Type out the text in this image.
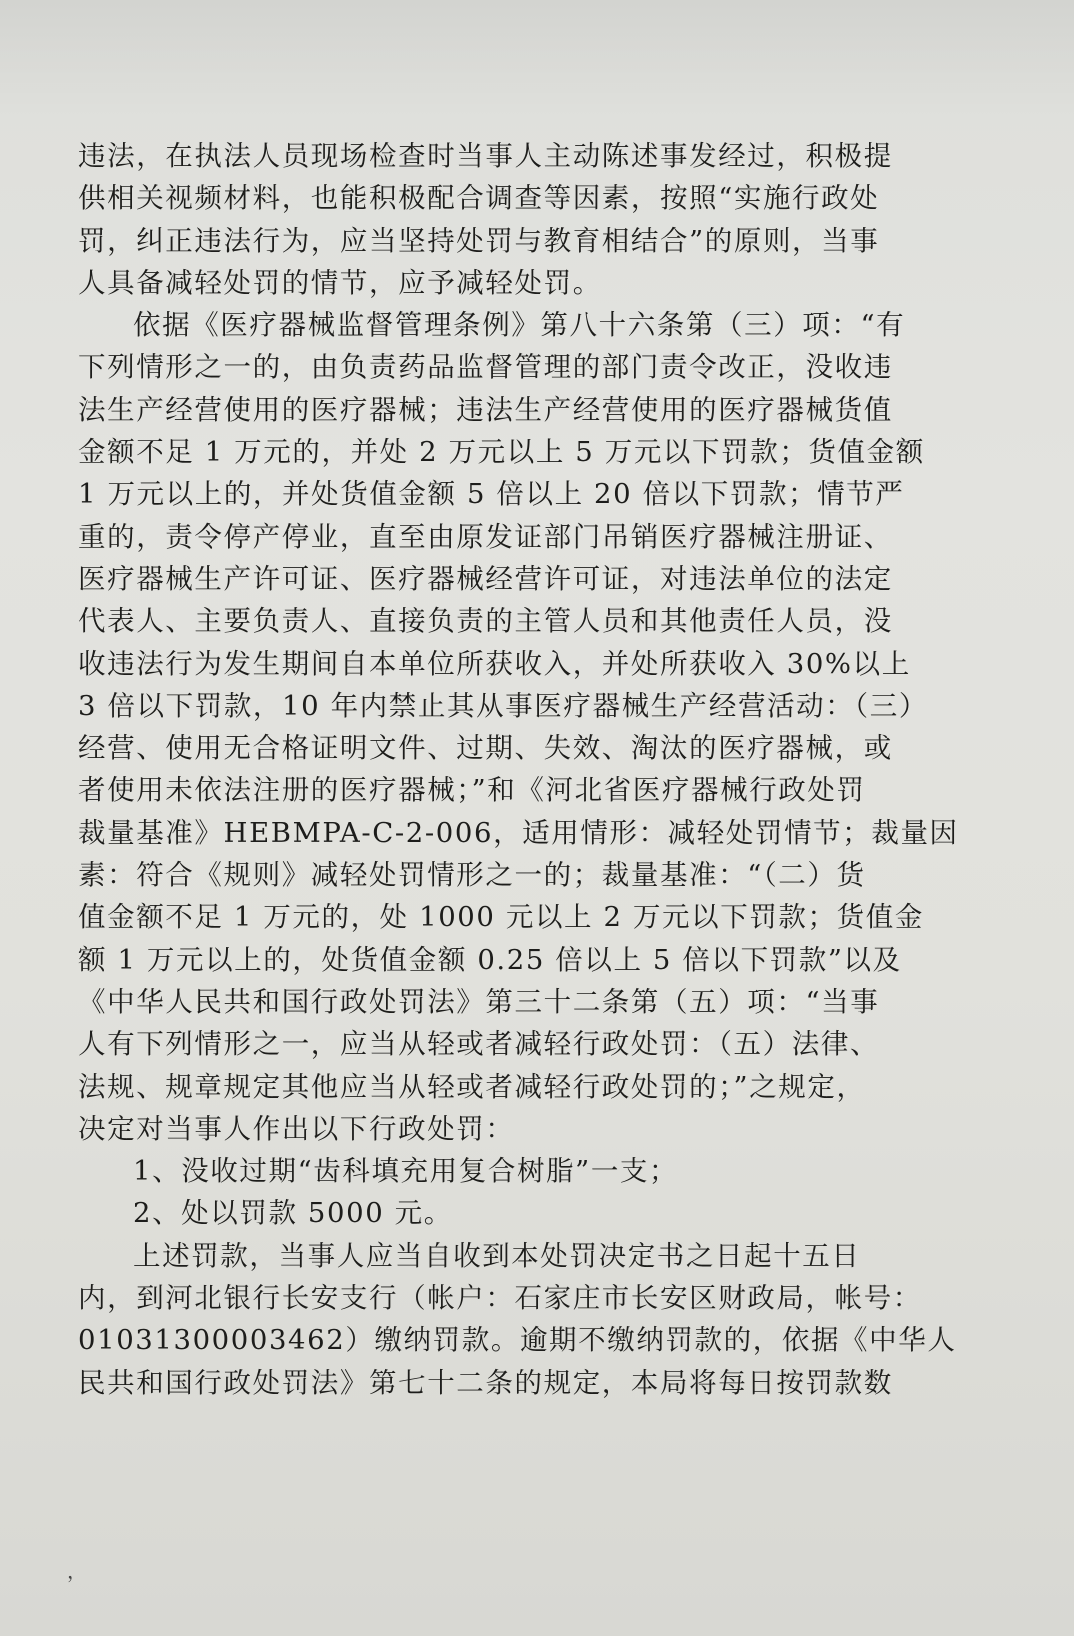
违法，在执法人员现场检查时当事人主动陈述事发经过，积极提
供相关视频材料，也能积极配合调查等因素，按照“实施行政处
罚，纠正违法行为，应当坚持处罚与教育相结合”的原则，当事
人具备减轻处罚的情节，应予减轻处罚。
依据《医疗器械监督管理条例》第八十六条第（三）项：“有
下列情形之一的，由负责药品监督管理的部门责令改正，没收违
法生产经营使用的医疗器械；违法生产经营使用的医疗器械货值
金额不足 1 万元的，并处 2 万元以上 5 万元以下罚款；货值金额
1 万元以上的，并处货值金额 5 倍以上 20 倍以下罚款；情节严
重的，责令停产停业，直至由原发证部门吊销医疗器械注册证、
医疗器械生产许可证、医疗器械经营许可证，对违法单位的法定
代表人、主要负责人、直接负责的主管人员和其他责任人员，没
收违法行为发生期间自本单位所获收入，并处所获收入 30%以上
3 倍以下罚款，10 年内禁止其从事医疗器械生产经营活动：（三）
经营、使用无合格证明文件、过期、失效、淘汰的医疗器械，或
者使用未依法注册的医疗器械；”和《河北省医疗器械行政处罚
裁量基准》HEBMPA-C-2-006，适用情形：减轻处罚情节；裁量因
素：符合《规则》减轻处罚情形之一的；裁量基准：“（二）货
值金额不足 1 万元的，处 1000 元以上 2 万元以下罚款；货值金
额 1 万元以上的，处货值金额 0.25 倍以上 5 倍以下罚款”以及
《中华人民共和国行政处罚法》第三十二条第（五）项：“当事
人有下列情形之一，应当从轻或者减轻行政处罚：（五）法律、
法规、规章规定其他应当从轻或者减轻行政处罚的；”之规定，
决定对当事人作出以下行政处罚：
1、没收过期“齿科填充用复合树脂”一支；
2、处以罚款 5000 元。
上述罚款，当事人应当自收到本处罚决定书之日起十五日
内，到河北银行长安支行（帐户：石家庄市长安区财政局，帐号：
01031300003462）缴纳罚款。逾期不缴纳罚款的，依据《中华人
民共和国行政处罚法》第七十二条的规定，本局将每日按罚款数
，
